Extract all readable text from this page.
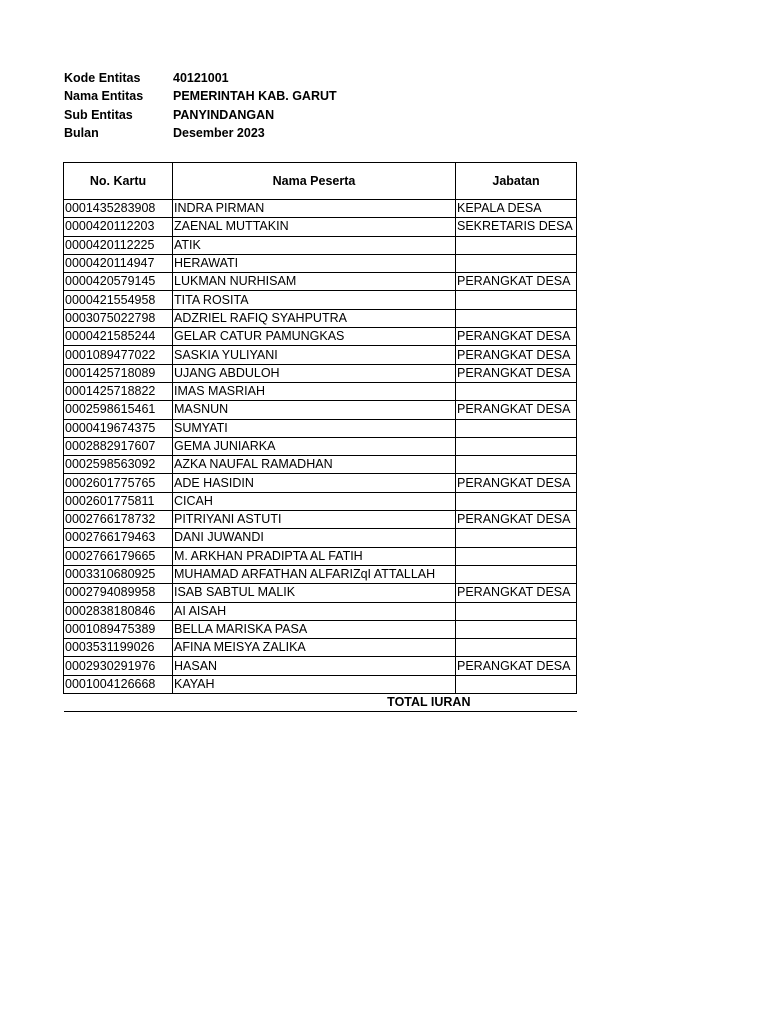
Kode Entitas	40121001
Nama Entitas	PEMERINTAH KAB. GARUT
Sub Entitas	PANYINDANGAN
Bulan	Desember 2023
No. Kartu	Nama Peserta	Jabatan
0001435283908	INDRA PIRMAN	KEPALA DESA
0000420112203	ZAENAL MUTTAKIN	SEKRETARIS DESA
0000420112225	ATIK	
0000420114947	HERAWATI	
0000420579145	LUKMAN NURHISAM	PERANGKAT DESA
0000421554958	TITA ROSITA	
0003075022798	ADZRIEL RAFIQ SYAHPUTRA	
0000421585244	GELAR CATUR PAMUNGKAS	PERANGKAT DESA
0001089477022	SASKIA YULIYANI	PERANGKAT DESA
0001425718089	UJANG ABDULOH	PERANGKAT DESA
0001425718822	IMAS MASRIAH	
0002598615461	MASNUN	PERANGKAT DESA
0000419674375	SUMYATI	
0002882917607	GEMA JUNIARKA	
0002598563092	AZKA NAUFAL RAMADHAN	
0002601775765	ADE HASIDIN	PERANGKAT DESA
0002601775811	CICAH	
0002766178732	PITRIYANI ASTUTI	PERANGKAT DESA
0002766179463	DANI JUWANDI	
0002766179665	M. ARKHAN PRADIPTA AL FATIH	
0003310680925	MUHAMAD ARFATHAN ALFARIZqI ATTALLAH	
0002794089958	ISAB SABTUL MALIK	PERANGKAT DESA
0002838180846	AI AISAH	
0001089475389	BELLA MARISKA PASA	
0003531199026	AFINA MEISYA ZALIKA	
0002930291976	HASAN	PERANGKAT DESA
0001004126668	KAYAH	
TOTAL IURAN		
